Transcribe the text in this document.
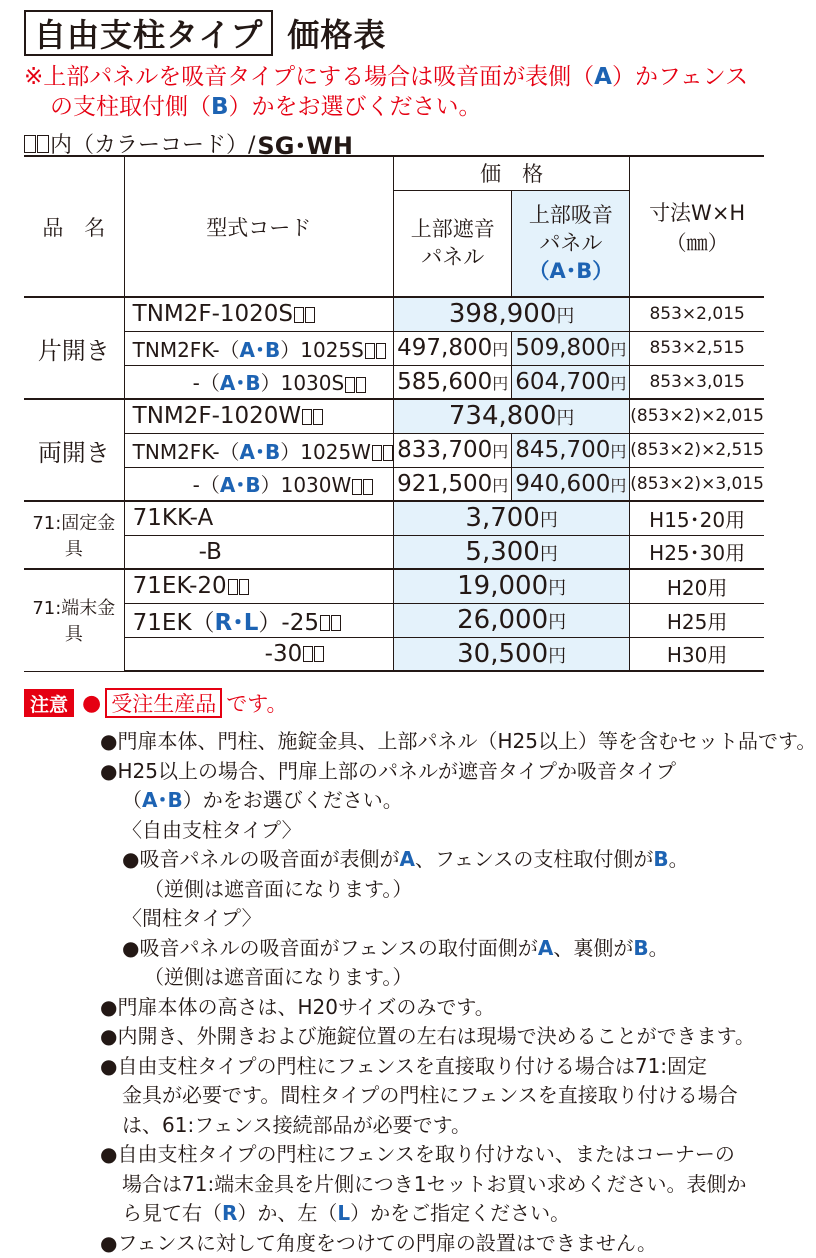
自由支柱タイプ 価格表
※上部パネルを吸音タイプにする場合は吸音面が表側（A）かフェンス
の支柱取付側（B）かをお選びください。
内（カラーコード）/ SG･WH
品　名	型式コード	価　格		寸法W×H
（㎜）

		上部遮音パネル	上部吸音パネル
（A･B）	

片開き	TNM2F-1020S	398,900円		853×2,015
	TNM2FK-（A･B）1025S	497,800円	509,800円	853×2,515
	-（A･B）1030S	585,600円	604,700円	853×3,015
両開き	TNM2F-1020W	734,800円		(853×2)×2,015
	TNM2FK-（A･B）1025W	833,700円	845,700円	(853×2)×2,515
	-（A･B）1030W	921,500円	940,600円	(853×2)×3,015
71:固定金具	71KK-A	3,700円		H15･20用
	-B	5,300円		H25･30用
71:端末金具	71EK-20	19,000円		H20用
	71EK（R･L）-25	26,000円		H25用
	-30	30,500円		H30用
注意 ● 受注生産品 です。
●門扉本体、門柱、施錠金具、上部パネル（H25以上）等を含むセット品です。
●H25以上の場合、門扉上部のパネルが遮音タイプか吸音タイプ
（A･B）かをお選びください。
〈自由支柱タイプ〉
●吸音パネルの吸音面が表側がA、フェンスの支柱取付側がB。
（逆側は遮音面になります。）
〈間柱タイプ〉
●吸音パネルの吸音面がフェンスの取付面側がA、裏側がB。
（逆側は遮音面になります。）
●門扉本体の高さは、H20サイズのみです。
●内開き、外開きおよび施錠位置の左右は現場で決めることができます。
●自由支柱タイプの門柱にフェンスを直接取り付ける場合は71:固定
金具が必要です。間柱タイプの門柱にフェンスを直接取り付ける場合
は、61:フェンス接続部品が必要です。
●自由支柱タイプの門柱にフェンスを取り付けない、またはコーナーの
場合は71:端末金具を片側につき1セットお買い求めください。表側か
ら見て右（R）か、左（L）かをご指定ください。
●フェンスに対して角度をつけての門扉の設置はできません。
